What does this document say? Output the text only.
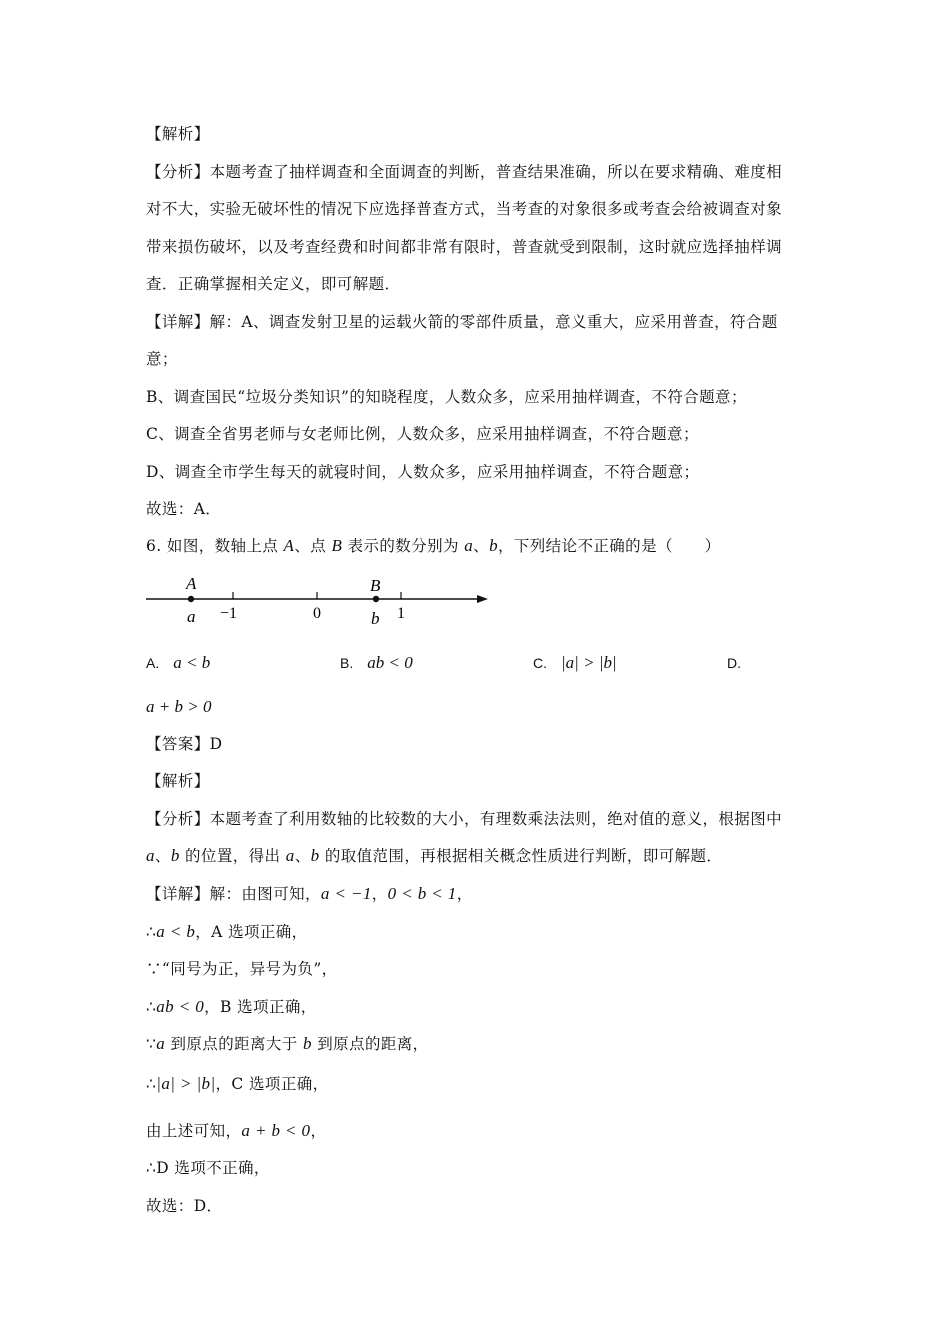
【解析】
【分析】本题考查了抽样调查和全面调查的判断，普查结果准确，所以在要求精确、难度相
对不大，实验无破坏性的情况下应选择普查方式，当考查的对象很多或考查会给被调查对象
带来损伤破坏，以及考查经费和时间都非常有限时，普查就受到限制，这时就应选择抽样调
查．正确掌握相关定义，即可解题．
【详解】解：A、调查发射卫星的运载火箭的零部件质量，意义重大，应采用普查，符合题
意；
B、调查国民“垃圾分类知识”的知晓程度，人数众多，应采用抽样调查，不符合题意；
C、调查全省男老师与女老师比例，人数众多，应采用抽样调查，不符合题意；
D、调查全市学生每天的就寝时间，人数众多，应采用抽样调查，不符合题意；
故选：A．
6. 如图，数轴上点 A、点 B 表示的数分别为 a、b，下列结论不正确的是（　　）
A	B
a	b
−1	0	1
A. a < b	B. ab < 0	C. |a| > |b|	D.
a + b > 0
【答案】D
【解析】
【分析】本题考查了利用数轴的比较数的大小，有理数乘法法则，绝对值的意义，根据图中
a、b 的位置，得出 a、b 的取值范围，再根据相关概念性质进行判断，即可解题．
【详解】解：由图可知，a < −1，0 < b < 1，
∴a < b，A 选项正确，
∵“同号为正，异号为负”，
∴ab < 0，B 选项正确，
∵a 到原点的距离大于 b 到原点的距离，
∴|a| > |b|，C 选项正确，
由上述可知，a + b < 0，
∴D 选项不正确，
故选：D．
